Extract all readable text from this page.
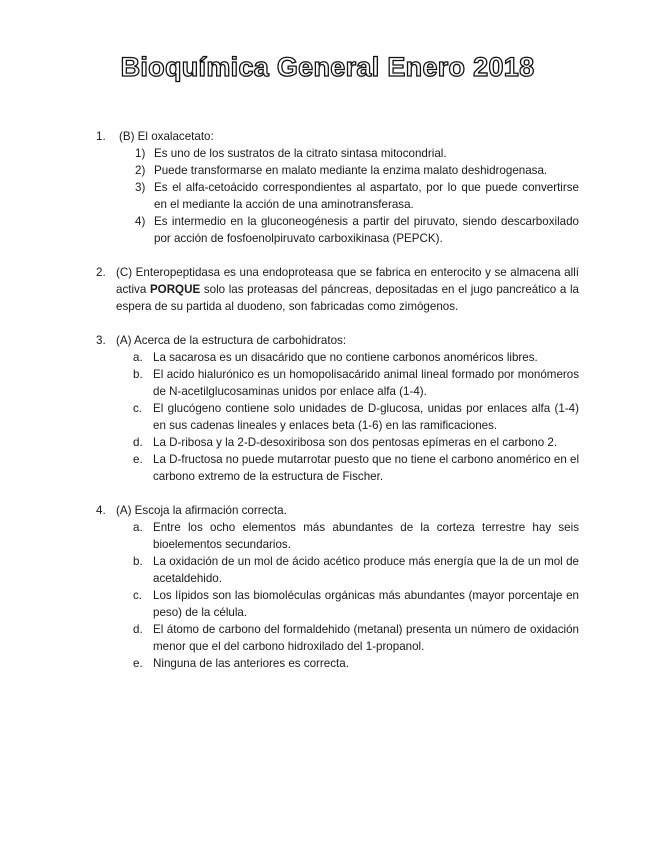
Bioquímica General Enero 2018
1. (B) El oxalacetato:
1) Es uno de los sustratos de la citrato sintasa mitocondrial.
2) Puede transformarse en malato mediante la enzima malato deshidrogenasa.
3) Es el alfa-cetoácido correspondientes al aspartato, por lo que puede convertirse en el mediante la acción de una aminotransferasa.
4) Es intermedio en la gluconeogénesis a partir del piruvato, siendo descarboxilado por acción de fosfoenolpiruvato carboxikinasa (PEPCK).
2. (C) Enteropeptidasa es una endoproteasa que se fabrica en enterocito y se almacena allí activa PORQUE solo las proteasas del páncreas, depositadas en el jugo pancreático a la espera de su partida al duodeno, son fabricadas como zimógenos.
3. (A) Acerca de la estructura de carbohidratos:
a. La sacarosa es un disacárido que no contiene carbonos anoméricos libres.
b. El acido hialurónico es un homopolisacárido animal lineal formado por monómeros de N-acetilglucosaminas unidos por enlace alfa (1-4).
c. El glucógeno contiene solo unidades de D-glucosa, unidas por enlaces alfa (1-4) en sus cadenas lineales y enlaces beta (1-6) en las ramificaciones.
d. La D-ribosa y la 2-D-desoxiribosa son dos pentosas epímeras en el carbono 2.
e. La D-fructosa no puede mutarrotar puesto que no tiene el carbono anomérico en el carbono extremo de la estructura de Fischer.
4. (A) Escoja la afirmación correcta.
a. Entre los ocho elementos más abundantes de la corteza terrestre hay seis bioelementos secundarios.
b. La oxidación de un mol de ácido acético produce más energía que la de un mol de acetaldehido.
c. Los lípidos son las biomoléculas orgánicas más abundantes (mayor porcentaje en peso) de la célula.
d. El átomo de carbono del formaldehido (metanal) presenta un número de oxidación menor que el del carbono hidroxilado del 1-propanol.
e. Ninguna de las anteriores es correcta.
